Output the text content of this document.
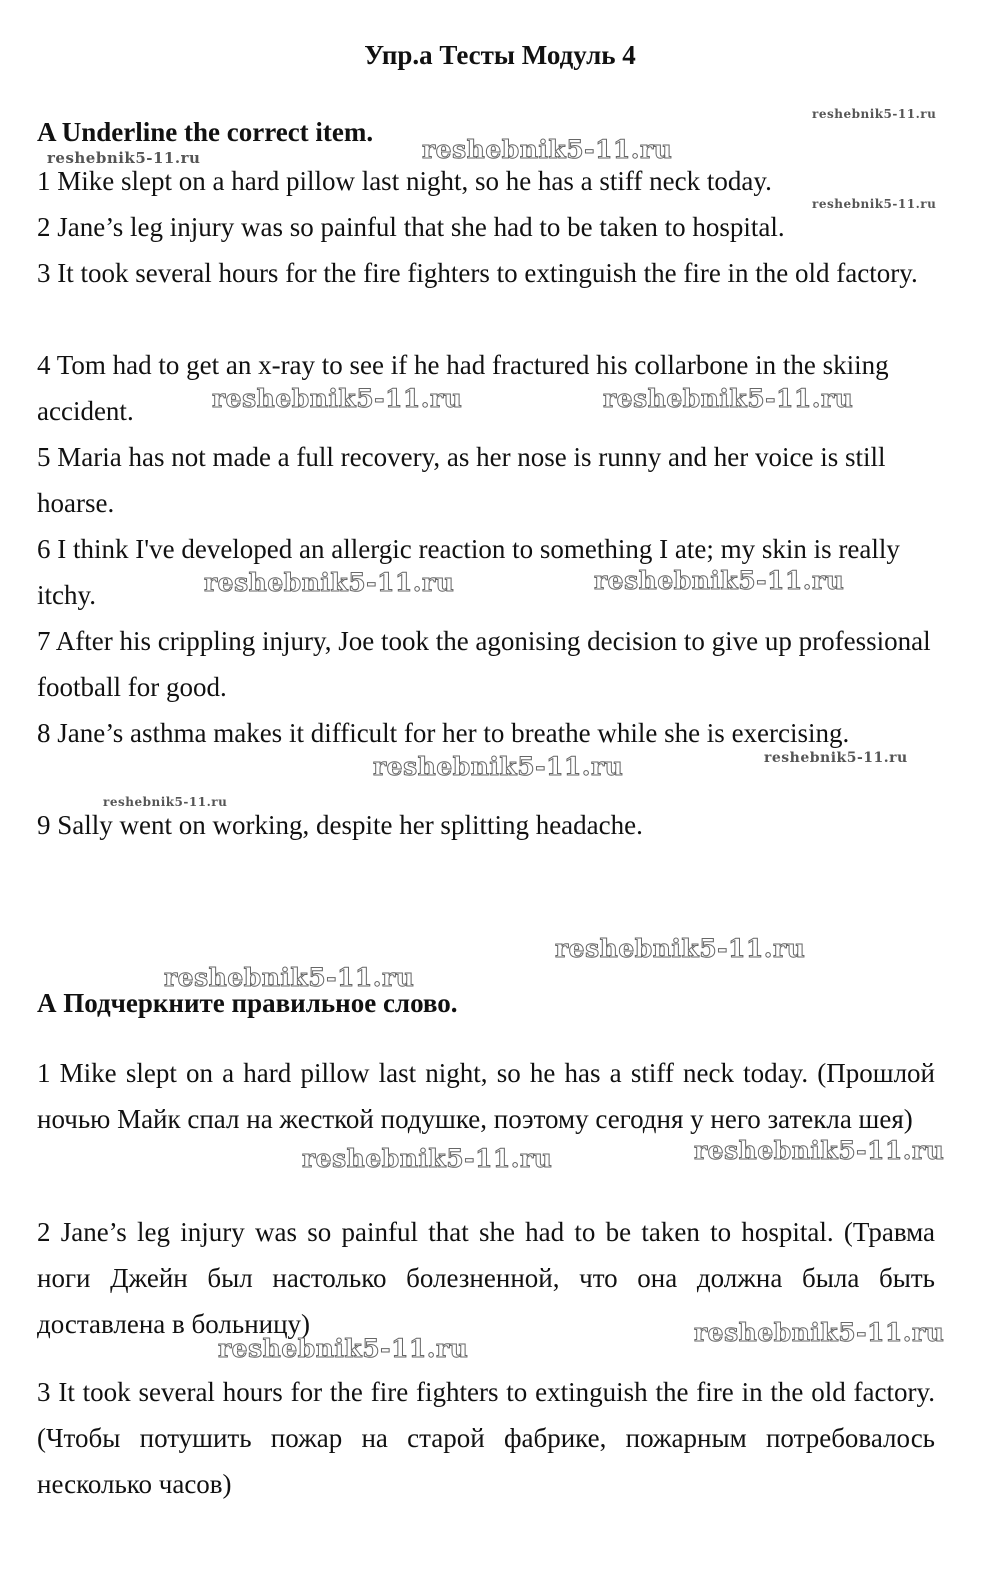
Упр.а Тесты Модуль 4
A Underline the correct item.

1 Mike slept on a hard pillow last night, so he has a stiff neck today.

2 Jane’s leg injury was so painful that she had to be taken to hospital.

3 It took several hours for the fire fighters to extinguish the fire in the old factory.

4 Tom had to get an x-ray to see if he had fractured his collarbone in the skiing accident.

5 Maria has not made a full recovery, as her nose is runny and her voice is still hoarse.

6 I think I've developed an allergic reaction to something I ate; my skin is really itchy.

7 After his crippling injury, Joe took the agonising decision to give up professional football for good.

8 Jane’s asthma makes it difficult for her to breathe while she is exercising.

9 Sally went on working, despite her splitting headache.

А Подчеркните правильное слово.

1 Mike slept on a hard pillow last night, so he has a stiff neck today. (Прошлой ночью Майк спал на жесткой подушке, поэтому сегодня у него затекла шея)

2 Jane’s leg injury was so painful that she had to be taken to hospital. (Травма ноги Джейн был настолько болезненной, что она должна была быть доставлена в больницу)

3 It took several hours for the fire fighters to extinguish the fire in the old factory. (Чтобы потушить пожар на старой фабрике, пожарным потребовалось несколько часов)

reshebnik5-11.ru
reshebnik5-11.ru	reshebnik5-11.ru
reshebnik5-11.ru
reshebnik5-11.ru	reshebnik5-11.ru
reshebnik5-11.ru	reshebnik5-11.ru
reshebnik5-11.ru
reshebnik5-11.ru
reshebnik5-11.ru
reshebnik5-11.ru
reshebnik5-11.ru
reshebnik5-11.ru	reshebnik5-11.ru
reshebnik5-11.ru
reshebnik5-11.ru
